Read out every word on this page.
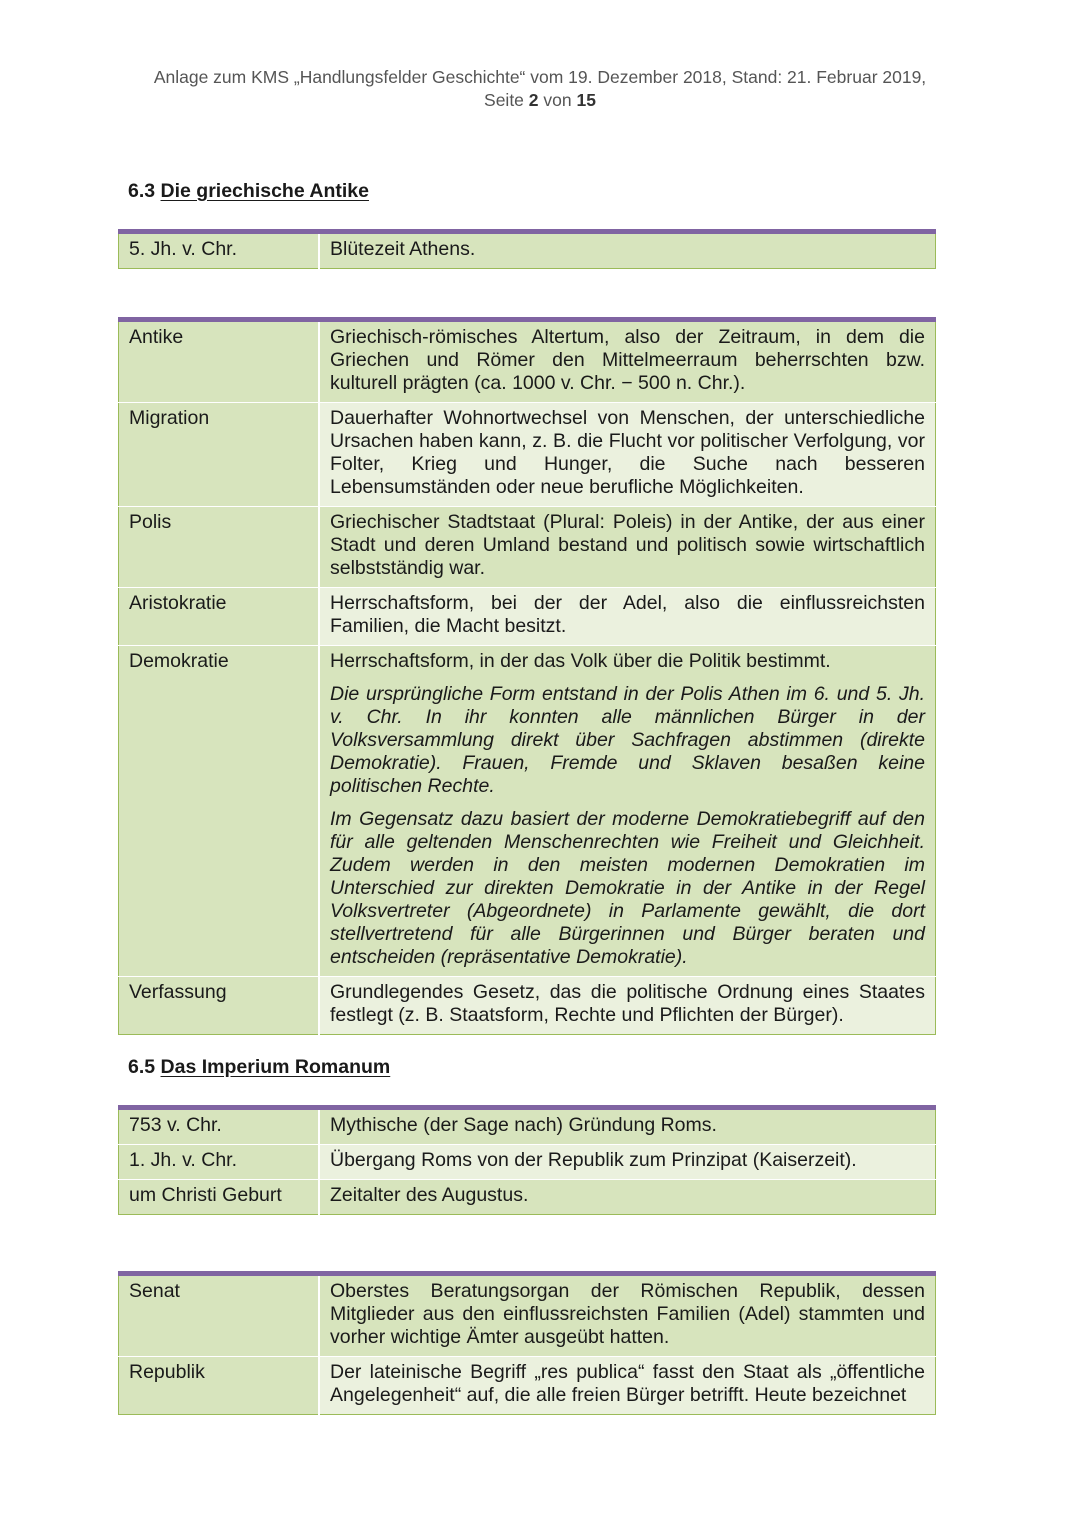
Anlage zum KMS „Handlungsfelder Geschichte“ vom 19. Dezember 2018, Stand: 21. Februar 2019,
Seite 2 von 15
6.3 Die griechische Antike
5. Jh. v. Chr.	Blütezeit Athens.
Antike	Griechisch-römisches Altertum, also der Zeitraum, in dem die Griechen und Römer den Mittelmeerraum beherrschten bzw. kulturell prägten (ca. 1000 v. Chr. − 500 n. Chr.).

Migration	Dauerhafter Wohnortwechsel von Menschen, der unterschiedliche Ursachen haben kann, z. B. die Flucht vor politischer Verfolgung, vor Folter, Krieg und Hunger, die Suche nach besseren Lebensumständen oder neue berufliche Möglichkeiten.

Polis	Griechischer Stadtstaat (Plural: Poleis) in der Antike, der aus einer Stadt und deren Umland bestand und politisch sowie wirtschaftlich selbstständig war.

Aristokratie	Herrschaftsform, bei der der Adel, also die einflussreichsten Familien, die Macht besitzt.

Demokratie	Herrschaftsform, in der das Volk über die Politik bestimmt.

Die ursprüngliche Form entstand in der Polis Athen im 6. und 5. Jh. v. Chr. In ihr konnten alle männlichen Bürger in der Volksversammlung direkt über Sachfragen abstimmen (direkte Demokratie). Frauen, Fremde und Sklaven besaßen keine politischen Rechte.

Im Gegensatz dazu basiert der moderne Demokratiebegriff auf den für alle geltenden Menschenrechten wie Freiheit und Gleichheit. Zudem werden in den meisten modernen Demokratien im Unterschied zur direkten Demokratie in der Antike in der Regel Volksvertreter (Abgeordnete) in Parlamente gewählt, die dort stellvertretend für alle Bürgerinnen und Bürger beraten und entscheiden (repräsentative Demokratie).

Verfassung	Grundlegendes Gesetz, das die politische Ordnung eines Staates festlegt (z. B. Staatsform, Rechte und Pflichten der Bürger).

6.5 Das Imperium Romanum
753 v. Chr.	Mythische (der Sage nach) Gründung Roms.
1. Jh. v. Chr.	Übergang Roms von der Republik zum Prinzipat (Kaiserzeit).
um Christi Geburt	Zeitalter des Augustus.
Senat	Oberstes Beratungsorgan der Römischen Republik, dessen Mitglieder aus den einflussreichsten Familien (Adel) stammten und vorher wichtige Ämter ausgeübt hatten.

Republik	Der lateinische Begriff „res publica“ fasst den Staat als „öffentliche Angelegenheit“ auf, die alle freien Bürger betrifft. Heute bezeichnet
